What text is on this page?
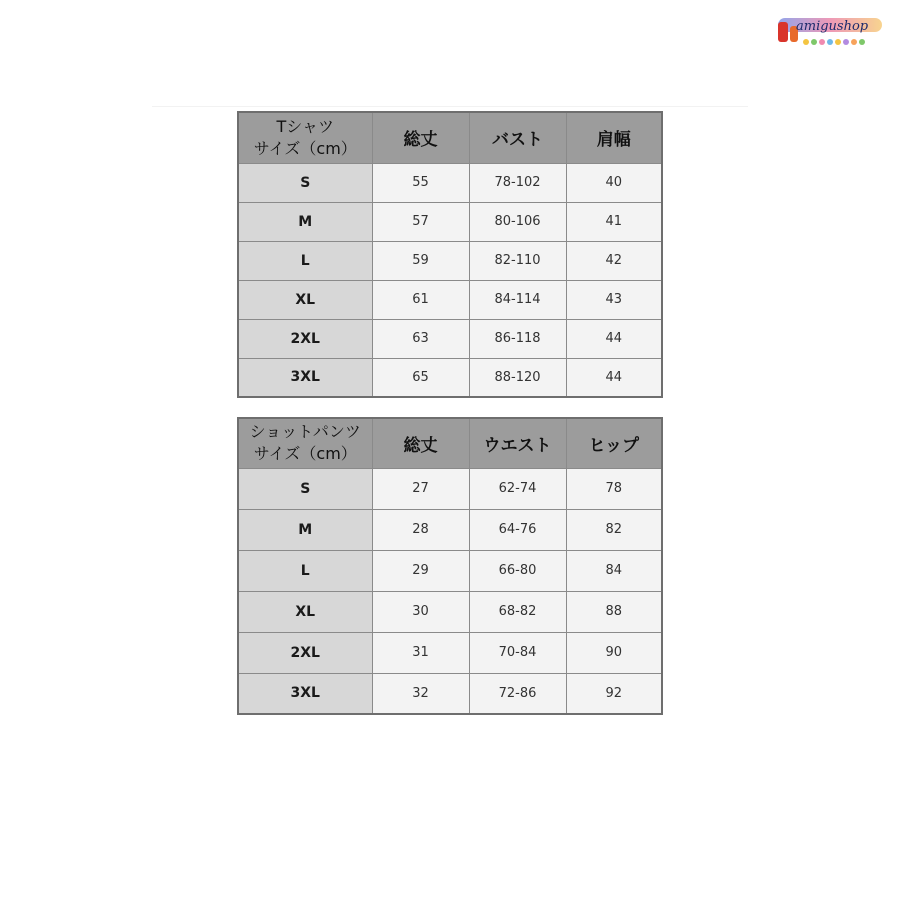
amigushop
Tシャツ
サイズ（cm）	総丈	バスト	肩幅
S	55	78-102	40
M	57	80-106	41
L	59	82-110	42
XL	61	84-114	43
2XL	63	86-118	44
3XL	65	88-120	44
ショットパンツ
サイズ（cm）	総丈	ウエスト	ヒップ
S	27	62-74	78
M	28	64-76	82
L	29	66-80	84
XL	30	68-82	88
2XL	31	70-84	90
3XL	32	72-86	92
